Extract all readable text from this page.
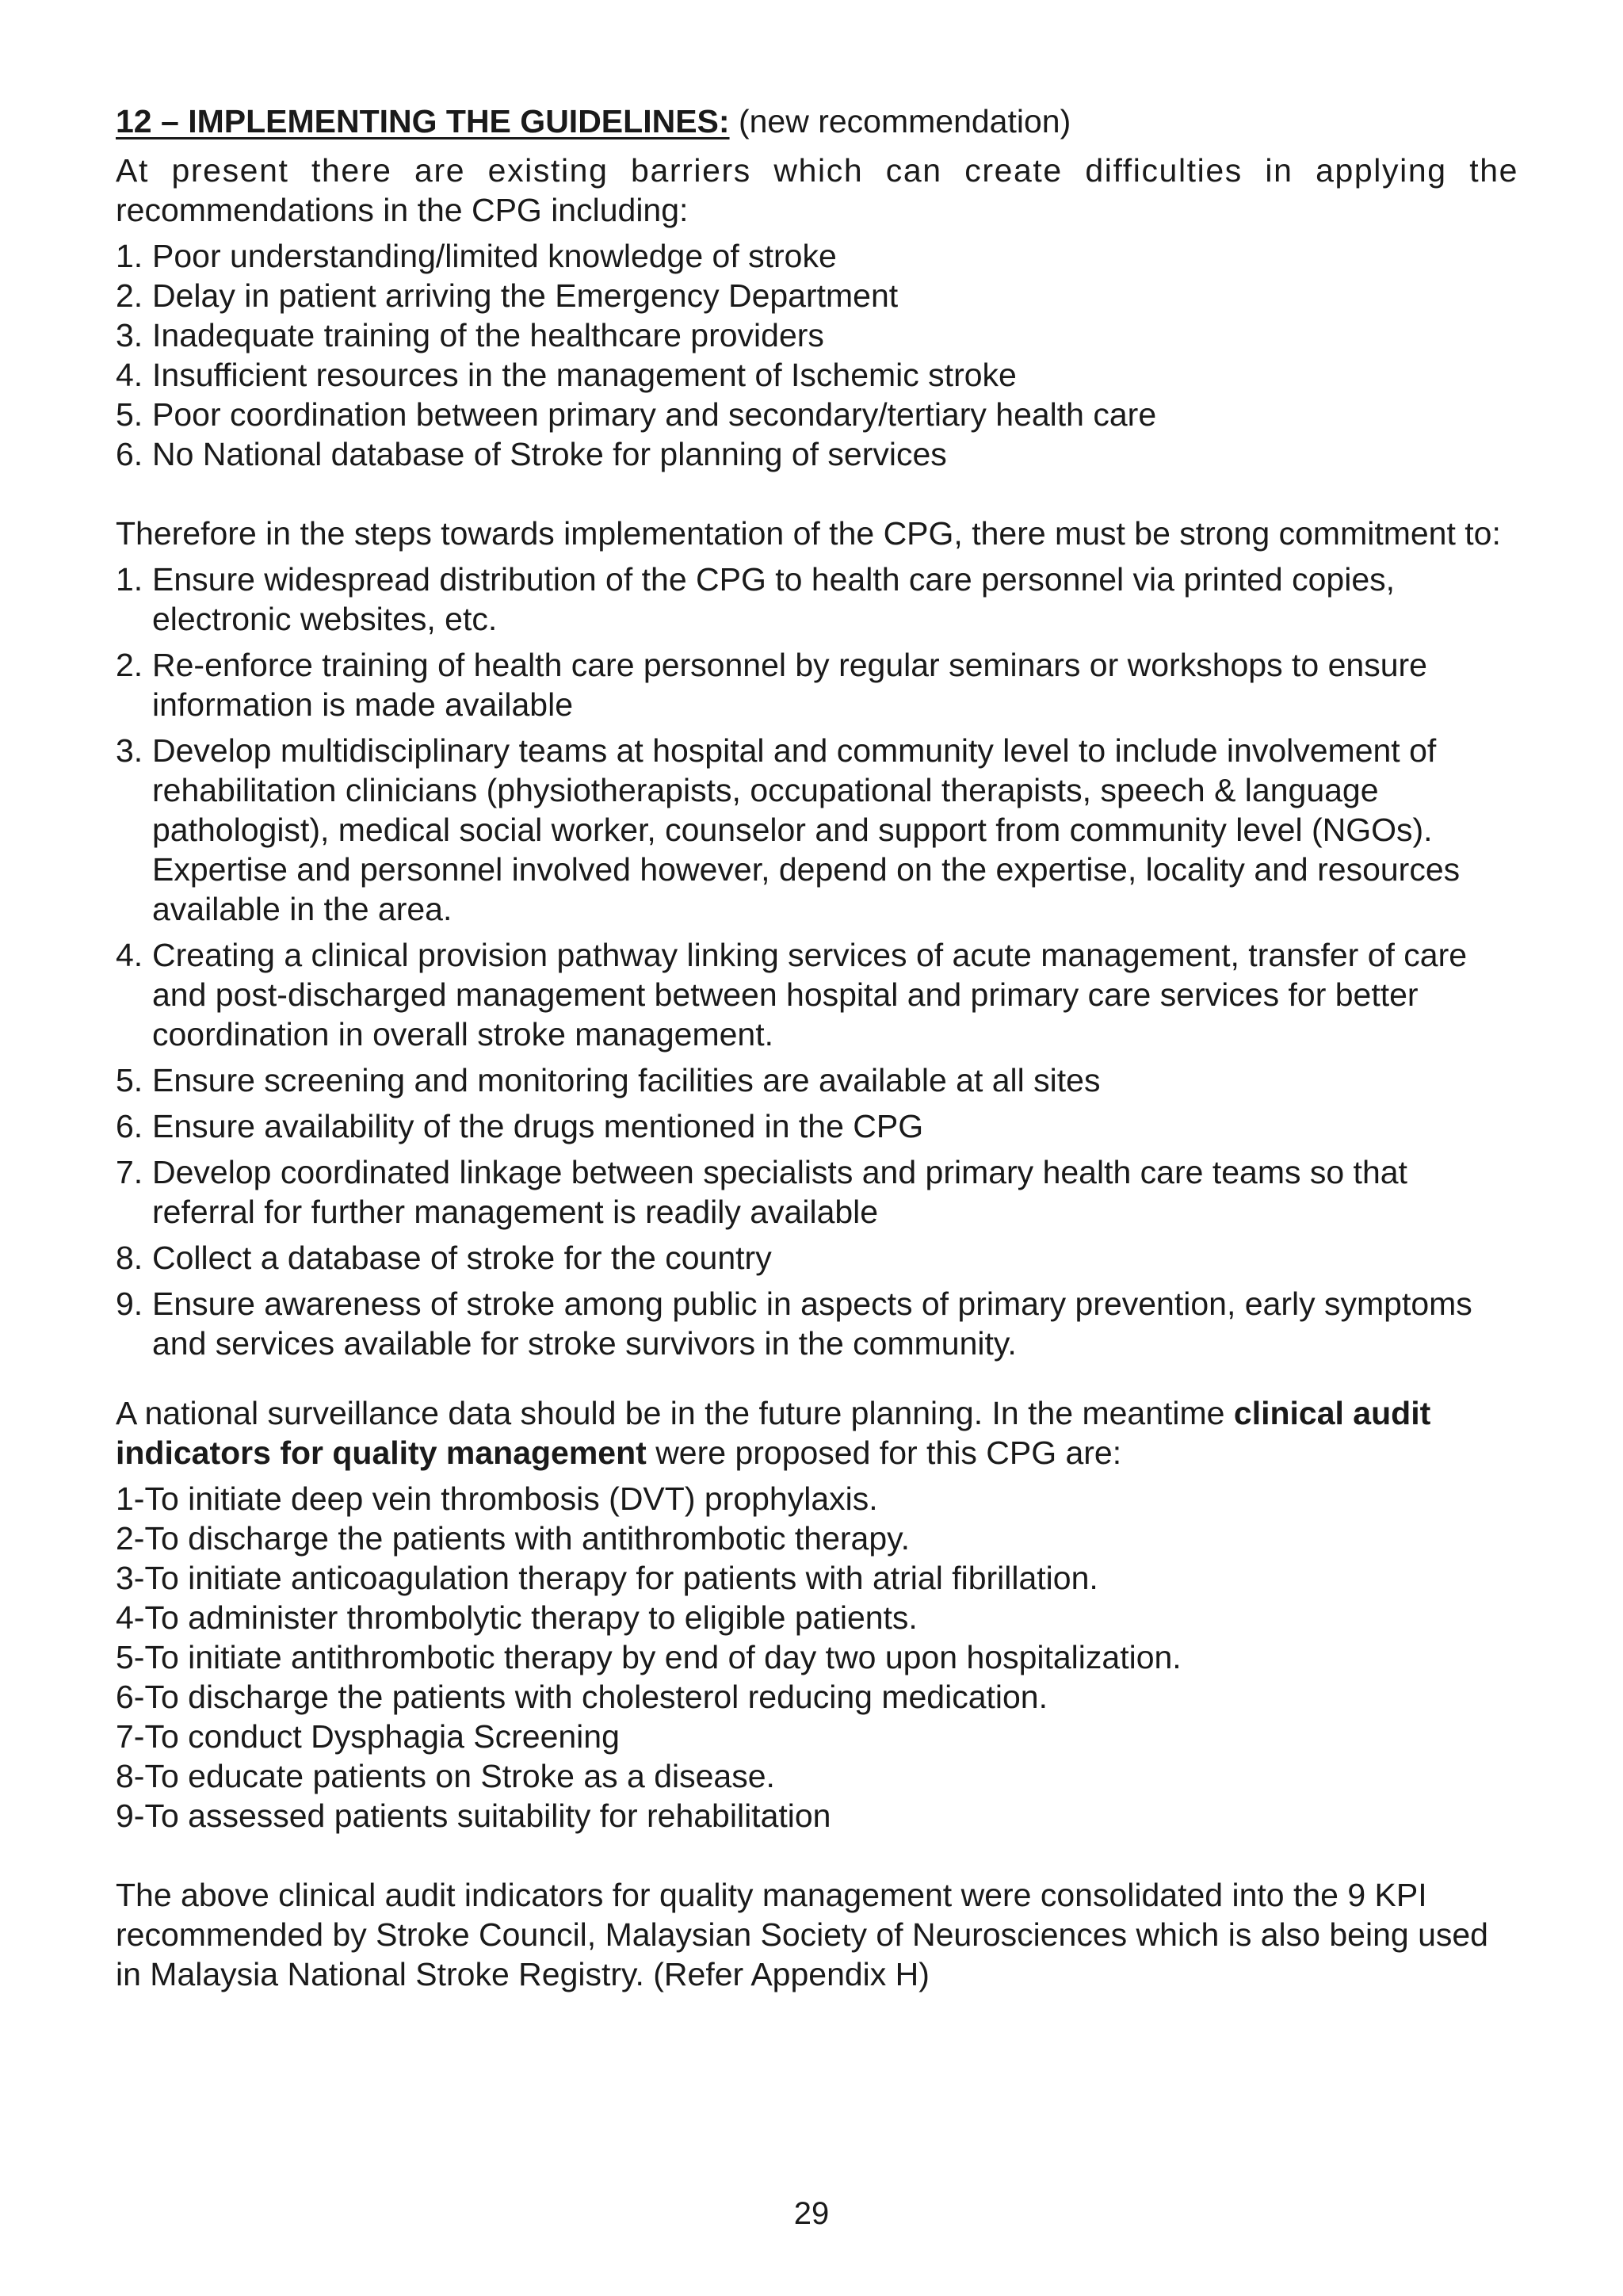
12 – IMPLEMENTING THE GUIDELINES: (new recommendation)

At present there are existing barriers which can create difficulties in applying the

recommendations in the CPG including:

1. Poor understanding/limited knowledge of stroke
2. Delay in patient arriving the Emergency Department
3. Inadequate training of the healthcare providers
4. Insufficient resources in the management of Ischemic stroke
5. Poor coordination between primary and secondary/tertiary health care
6. No National database of Stroke for planning of services

Therefore in the steps towards implementation of the CPG, there must be strong commitment to:

1. Ensure widespread distribution of the CPG to health care personnel via printed copies, electronic websites, etc.
2. Re-enforce training of health care personnel by regular seminars or workshops to ensure information is made available
3. Develop multidisciplinary teams at hospital and community level to include involvement of rehabilitation clinicians (physiotherapists, occupational therapists, speech & language pathologist), medical social worker, counselor and support from community level (NGOs). Expertise and personnel involved however, depend on the expertise, locality and resources available in the area.
4. Creating a clinical provision pathway linking services of acute management, transfer of care and post-discharged management between hospital and primary care services for better coordination in overall stroke management.
5. Ensure screening and monitoring facilities are available at all sites
6. Ensure availability of the drugs mentioned in the CPG
7. Develop coordinated linkage between specialists and primary health care teams so that referral for further management is readily available
8. Collect a database of stroke for the country
9. Ensure awareness of stroke among public in aspects of primary prevention, early symptoms and services available for stroke survivors in the community.

A national surveillance data should be in the future planning. In the meantime clinical audit indicators for quality management were proposed for this CPG are:

1-To initiate deep vein thrombosis (DVT) prophylaxis.
2-To discharge the patients with antithrombotic therapy.
3-To initiate anticoagulation therapy for patients with atrial fibrillation.
4-To administer thrombolytic therapy to eligible patients.
5-To initiate antithrombotic therapy by end of day two upon hospitalization.
6-To discharge the patients with cholesterol reducing medication.
7-To conduct Dysphagia Screening
8-To educate patients on Stroke as a disease.
9-To assessed patients suitability for rehabilitation

The above clinical audit indicators for quality management were consolidated into the 9 KPI recommended by Stroke Council, Malaysian Society of Neurosciences which is also being used in Malaysia National Stroke Registry. (Refer Appendix H)

29
